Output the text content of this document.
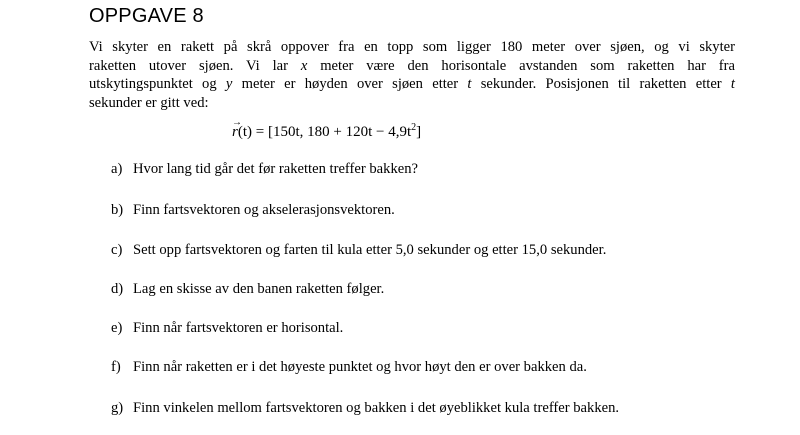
OPPGAVE 8
Vi skyter en rakett på skrå oppover fra en topp som ligger 180 meter over sjøen, og vi skyter
raketten utover sjøen. Vi lar x meter være den horisontale avstanden som raketten har fra
utskytingspunktet og y meter er høyden over sjøen etter t sekunder. Posisjonen til raketten etter t
sekunder er gitt ved:
→ r(t) = [150t, $180 + 120t - 4,9t^2$]
a) Hvor lang tid går det før raketten treffer bakken?
b) Finn fartsvektoren og akselerasjonsvektoren.
c) Sett opp fartsvektoren og farten til kula etter 5,0 sekunder og etter 15,0 sekunder.
d) Lag en skisse av den banen raketten følger.
e) Finn når fartsvektoren er horisontal.
f) Finn når raketten er i det høyeste punktet og hvor høyt den er over bakken da.
g) Finn vinkelen mellom fartsvektoren og bakken i det øyeblikket kula treffer bakken.
